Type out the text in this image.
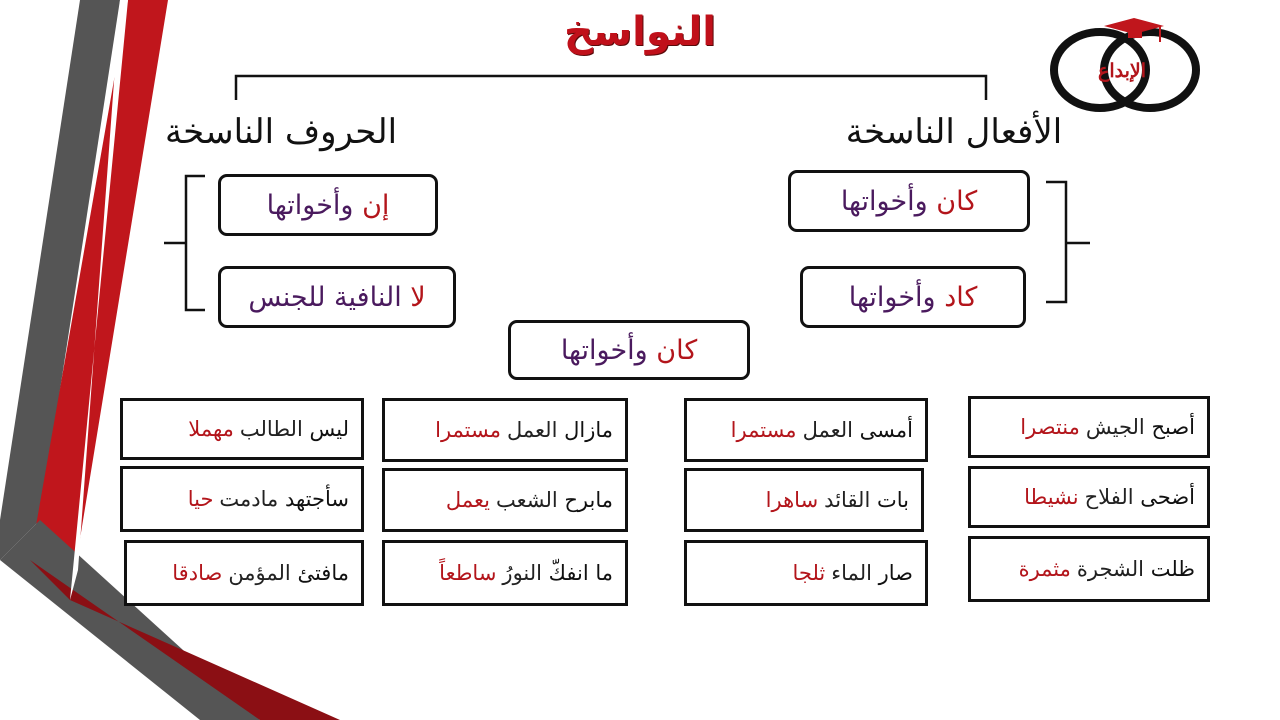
النواسخ
الإبداع
الحروف الناسخة	الأفعال الناسخة
إن

وأخواتها
لا

النافية للجنس
كان

وأخواتها
كاد

وأخواتها
كان

وأخواتها
أصبح

الجيش
منتصرا
أضحى

الفلاح
نشيطا
ظلت

الشجرة
مثمرة
أمسى

العمل
مستمرا
بات

القائد
ساهرا
صار

الماء
ثلجا
مازال

العمل
مستمرا
مابرح

الشعب
يعمل
ما انفكّ

النورُ
ساطعاً
ليس

الطالب
مهملا
سأجتهد

مادمت
حيا
مافتئ

المؤمن
صادقا
